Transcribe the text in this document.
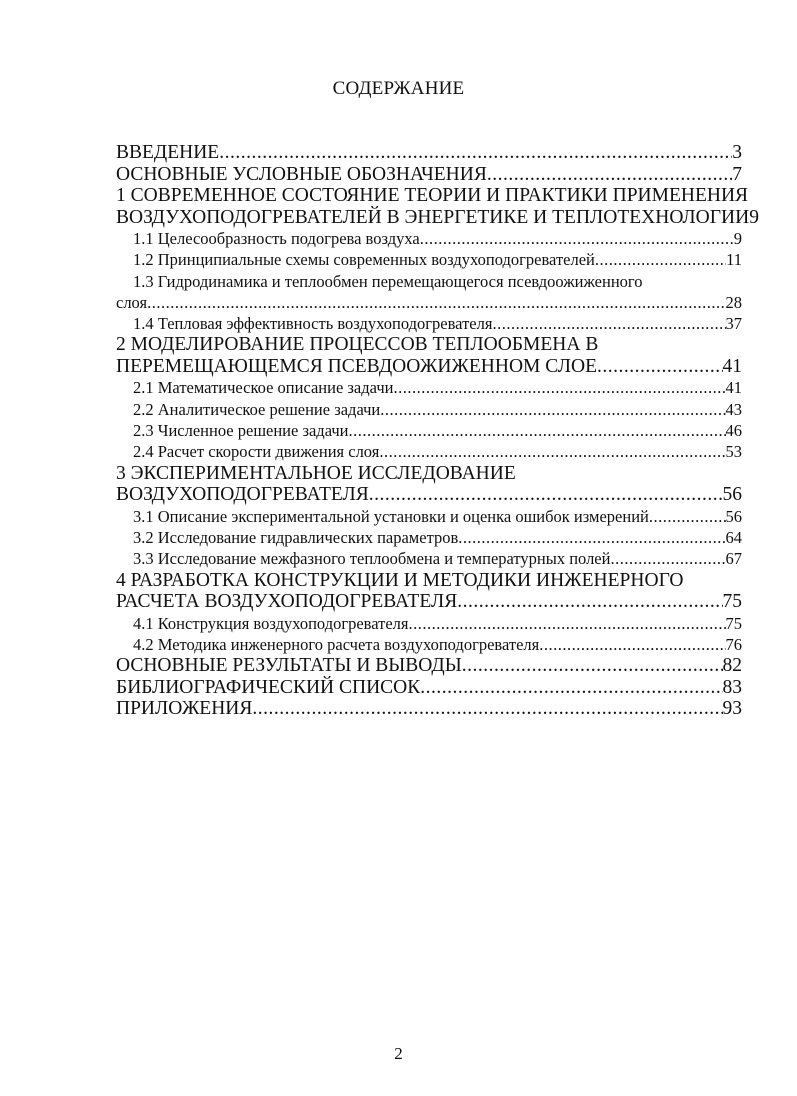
СОДЕРЖАНИЕ
ВВЕДЕНИЕ .....	3
ОСНОВНЫЕ УСЛОВНЫЕ ОБОЗНАЧЕНИЯ .....	7
1 СОВРЕМЕННОЕ СОСТОЯНИЕ ТЕОРИИ И ПРАКТИКИ ПРИМЕНЕНИЯ
ВОЗДУХОПОДОГРЕВАТЕЛЕЙ В ЭНЕРГЕТИКЕ И ТЕПЛОТЕХНОЛОГИИ 9
1.1 Целесообразность подогрева воздуха .....	9
1.2 Принципиальные схемы современных воздухоподогревателей .....	11
1.3 Гидродинамика и теплообмен перемещающегося псевдоожиженного
слоя .....	28
1.4 Тепловая эффективность воздухоподогревателя .....	37
2 МОДЕЛИРОВАНИЕ ПРОЦЕССОВ ТЕПЛООБМЕНА В
ПЕРЕМЕЩАЮЩЕМСЯ ПСЕВДООЖИЖЕННОМ СЛОЕ .....	41
2.1 Математическое описание задачи .....	41
2.2 Аналитическое решение задачи .....	43
2.3 Численное решение задачи .....	46
2.4 Расчет скорости движения слоя .....	53
3 ЭКСПЕРИМЕНТАЛЬНОЕ ИССЛЕДОВАНИЕ
ВОЗДУХОПОДОГРЕВАТЕЛЯ .....	56
3.1 Описание экспериментальной установки и оценка ошибок измерений .....	56
3.2 Исследование гидравлических параметров .....	64
3.3 Исследование межфазного теплообмена и температурных полей .....	67
4 РАЗРАБОТКА КОНСТРУКЦИИ И МЕТОДИКИ ИНЖЕНЕРНОГО
РАСЧЕТА ВОЗДУХОПОДОГРЕВАТЕЛЯ .....	75
4.1 Конструкция воздухоподогревателя .....	75
4.2 Методика инженерного расчета воздухоподогревателя .....	76
ОСНОВНЫЕ РЕЗУЛЬТАТЫ И ВЫВОДЫ .....	82
БИБЛИОГРАФИЧЕСКИЙ СПИСОК .....	83
ПРИЛОЖЕНИЯ .....	93
2
